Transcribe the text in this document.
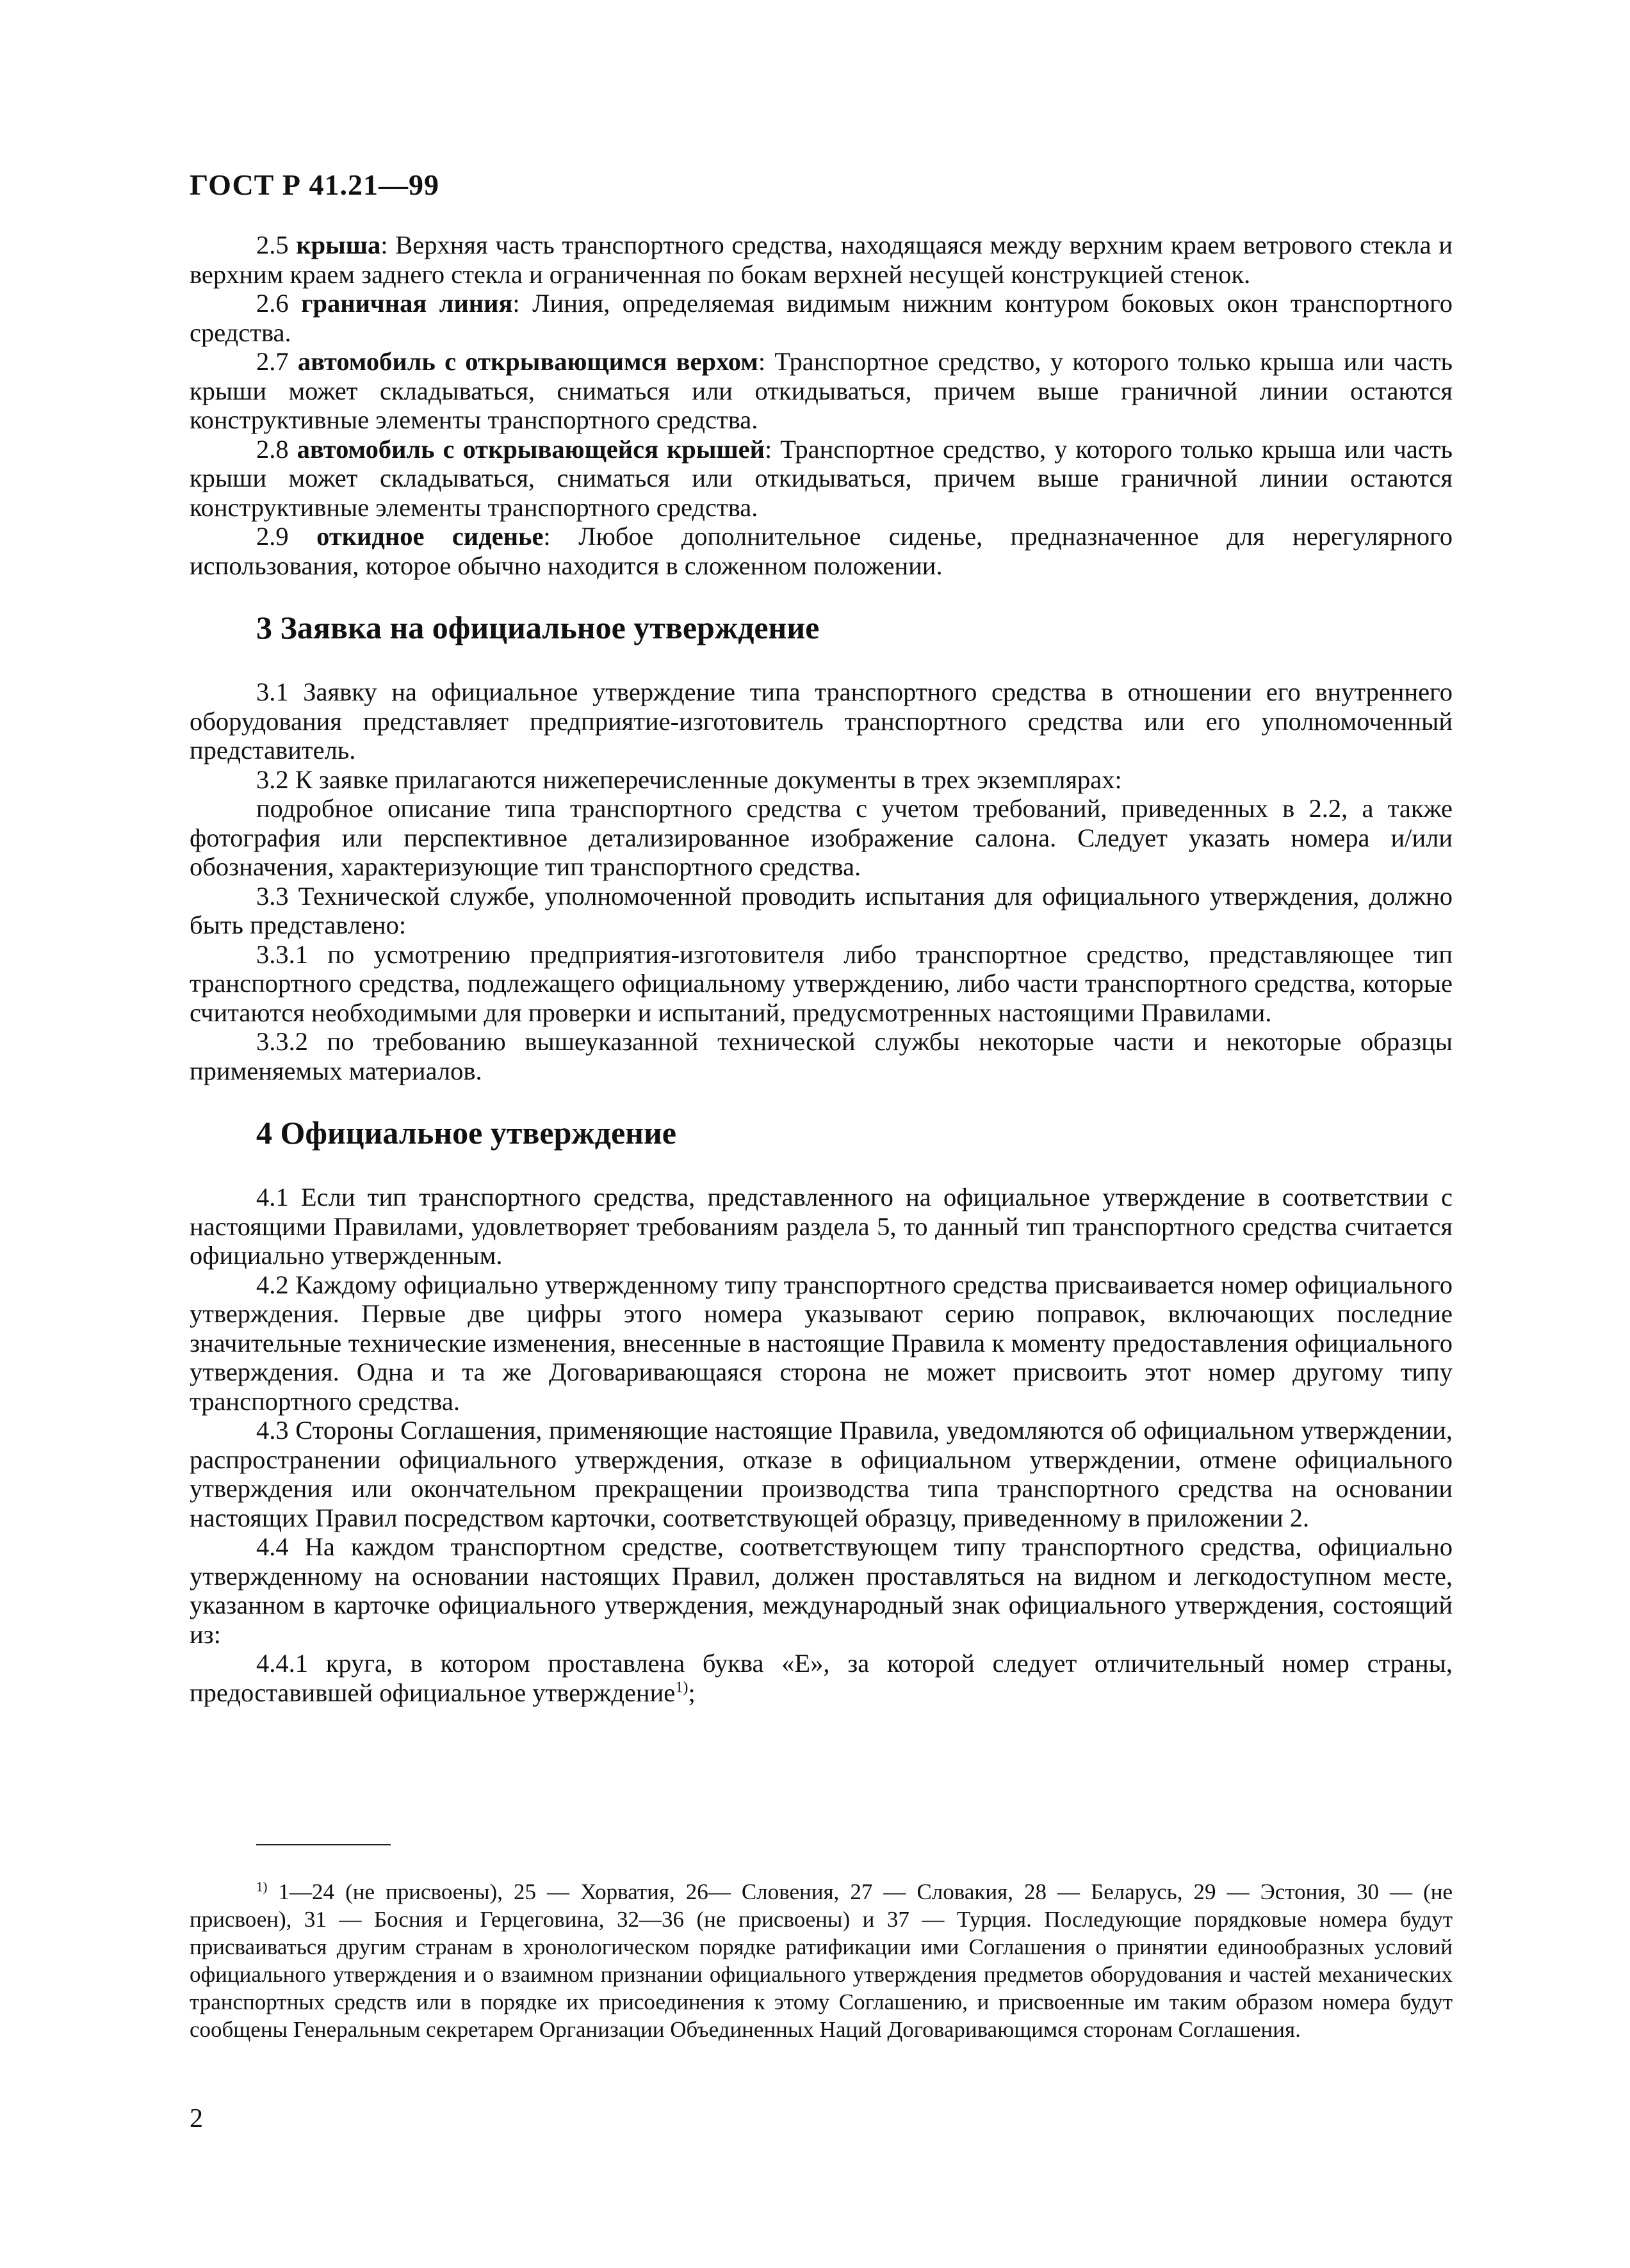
ГОСТ Р 41.21—99

2.5 крыша: Верхняя часть транспортного средства, находящаяся между верхним краем ветрового стекла и верхним краем заднего стекла и ограниченная по бокам верхней несущей конструкцией стенок.

2.6 граничная линия: Линия, определяемая видимым нижним контуром боковых окон транспортного средства.

2.7 автомобиль с открывающимся верхом: Транспортное средство, у которого только крыша или часть крыши может складываться, сниматься или откидываться, причем выше граничной линии остаются конструктивные элементы транспортного средства.

2.8 автомобиль с открывающейся крышей: Транспортное средство, у которого только крыша или часть крыши может складываться, сниматься или откидываться, причем выше граничной линии остаются конструктивные элементы транспортного средства.

2.9 откидное сиденье: Любое дополнительное сиденье, предназначенное для нерегулярного использования, которое обычно находится в сложенном положении.

3 Заявка на официальное утверждение

3.1 Заявку на официальное утверждение типа транспортного средства в отношении его внутреннего оборудования представляет предприятие-изготовитель транспортного средства или его уполномоченный представитель.

3.2 К заявке прилагаются нижеперечисленные документы в трех экземплярах:

подробное описание типа транспортного средства с учетом требований, приведенных в 2.2, а также фотография или перспективное детализированное изображение салона. Следует указать номера и/или обозначения, характеризующие тип транспортного средства.

3.3 Технической службе, уполномоченной проводить испытания для официального утверждения, должно быть представлено:

3.3.1 по усмотрению предприятия-изготовителя либо транспортное средство, представляющее тип транспортного средства, подлежащего официальному утверждению, либо части транспортного средства, которые считаются необходимыми для проверки и испытаний, предусмотренных настоящими Правилами.

3.3.2 по требованию вышеуказанной технической службы некоторые части и некоторые образцы применяемых материалов.

4 Официальное утверждение

4.1 Если тип транспортного средства, представленного на официальное утверждение в соответствии с настоящими Правилами, удовлетворяет требованиям раздела 5, то данный тип транспортного средства считается официально утвержденным.

4.2 Каждому официально утвержденному типу транспортного средства присваивается номер официального утверждения. Первые две цифры этого номера указывают серию поправок, включающих последние значительные технические изменения, внесенные в настоящие Правила к моменту предоставления официального утверждения. Одна и та же Договаривающаяся сторона не может присвоить этот номер другому типу транспортного средства.

4.3 Стороны Соглашения, применяющие настоящие Правила, уведомляются об официальном утверждении, распространении официального утверждения, отказе в официальном утверждении, отмене официального утверждения или окончательном прекращении производства типа транспортного средства на основании настоящих Правил посредством карточки, соответствующей образцу, приведенному в приложении 2.

4.4 На каждом транспортном средстве, соответствующем типу транспортного средства, официально утвержденному на основании настоящих Правил, должен проставляться на видном и легкодоступном месте, указанном в карточке официального утверждения, международный знак официального утверждения, состоящий из:

4.4.1 круга, в котором проставлена буква «Е», за которой следует отличительный номер страны, предоставившей официальное утверждение$^{1)}$;

$^{1)}$ 1—24 (не присвоены), 25 — Хорватия, 26— Словения, 27 — Словакия, 28 — Беларусь, 29 — Эстония, 30 — (не присвоен), 31 — Босния и Герцеговина, 32—36 (не присвоены) и 37 — Турция. Последующие порядковые номера будут присваиваться другим странам в хронологическом порядке ратификации ими Соглашения о принятии единообразных условий официального утверждения и о взаимном признании официального утверждения предметов оборудования и частей механических транспортных средств или в порядке их присоединения к этому Соглашению, и присвоенные им таким образом номера будут сообщены Генеральным секретарем Организации Объединенных Наций Договаривающимся сторонам Соглашения.

2
